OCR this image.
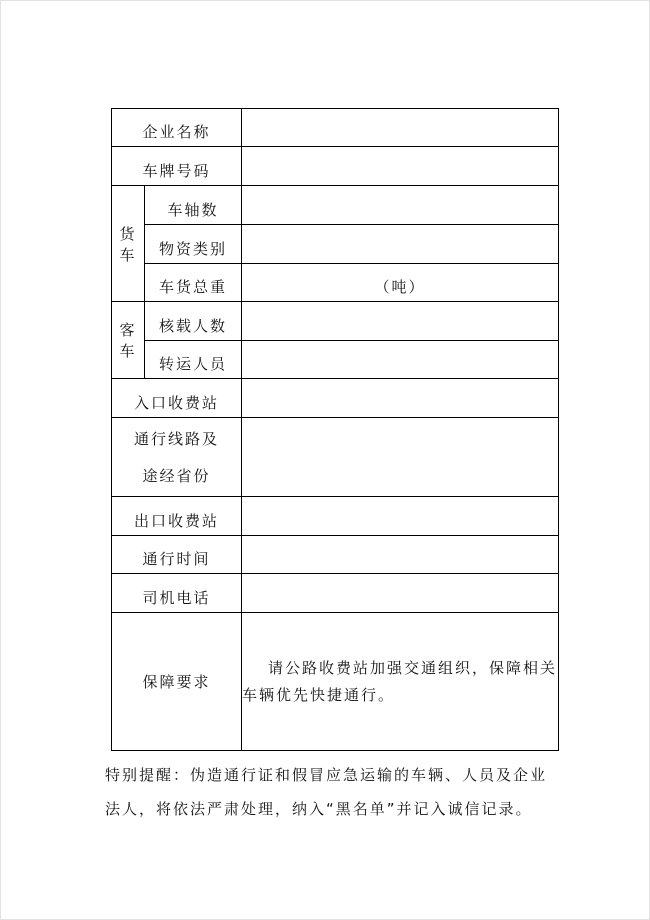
企业名称		
车牌号码		
货车	车轴数	
	物资类别	
	车货总重	（吨）
客车	核载人数	
	转运人员	
入口收费站		

通行线路及
途经省份		

出口收费站		
通行时间		
司机电话		
保障要求		请公路收费站加强交通组织，保障相关
车辆优先快捷通行。
特别提醒：伪造通行证和假冒应急运输的车辆、人员及企业
法人，将依法严肃处理，纳入“黑名单”并记入诚信记录。
